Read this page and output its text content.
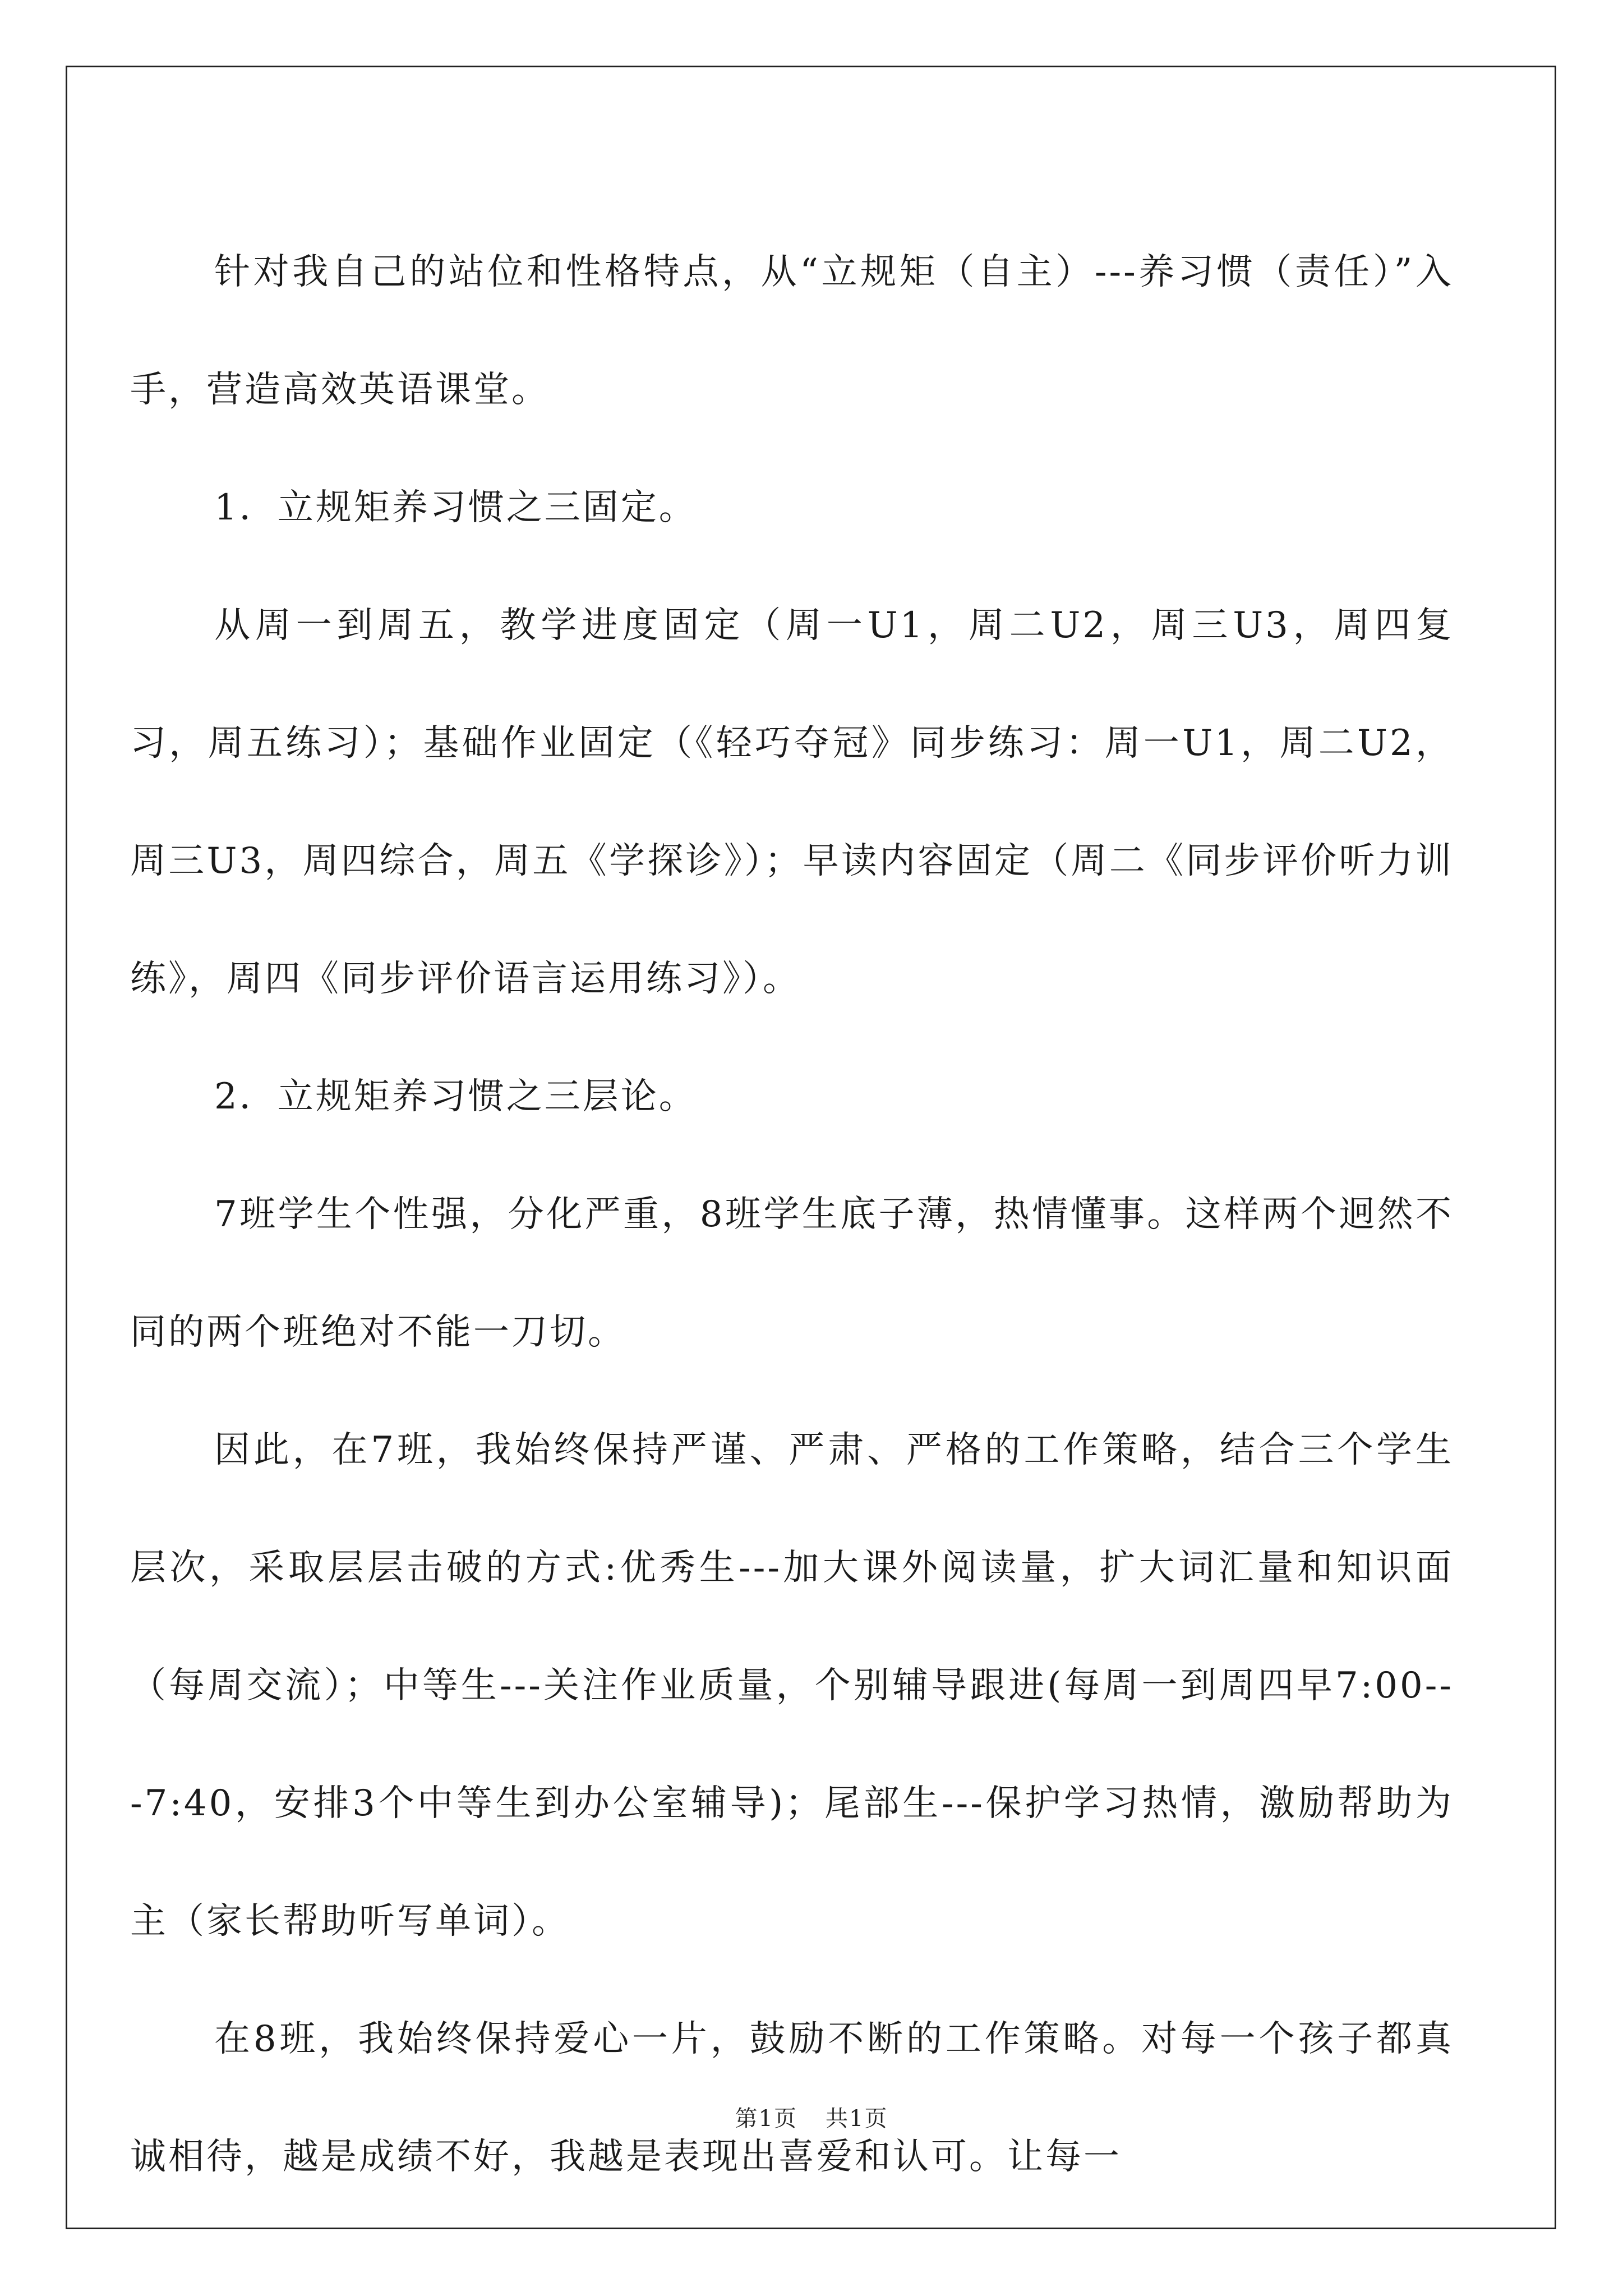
针对我自己的站位和性格特点，从“立规矩（自主）---养习惯（责任）”入手，营造高效英语课堂。

1．立规矩养习惯之三固定。

从周一到周五，教学进度固定（周一U1，周二U2，周三U3，周四复习，周五练习）；基础作业固定（《轻巧夺冠》同步练习：周一U1，周二U2，周三U3，周四综合，周五《学探诊》）；早读内容固定（周二《同步评价听力训练》，周四《同步评价语言运用练习》）。

2．立规矩养习惯之三层论。

7班学生个性强，分化严重，8班学生底子薄，热情懂事。这样两个迥然不同的两个班绝对不能一刀切。

因此，在7班，我始终保持严谨、严肃、严格的工作策略，结合三个学生层次，采取层层击破的方式:优秀生---加大课外阅读量，扩大词汇量和知识面（每周交流）；中等生---关注作业质量，个别辅导跟进(每周一到周四早7:00---7:40，安排3个中等生到办公室辅导)；尾部生---保护学习热情，激励帮助为主（家长帮助听写单词）。

在8班，我始终保持爱心一片，鼓励不断的工作策略。对每一个孩子都真诚相待，越是成绩不好，我越是表现出喜爱和认可。让每一

第1页 共1页
